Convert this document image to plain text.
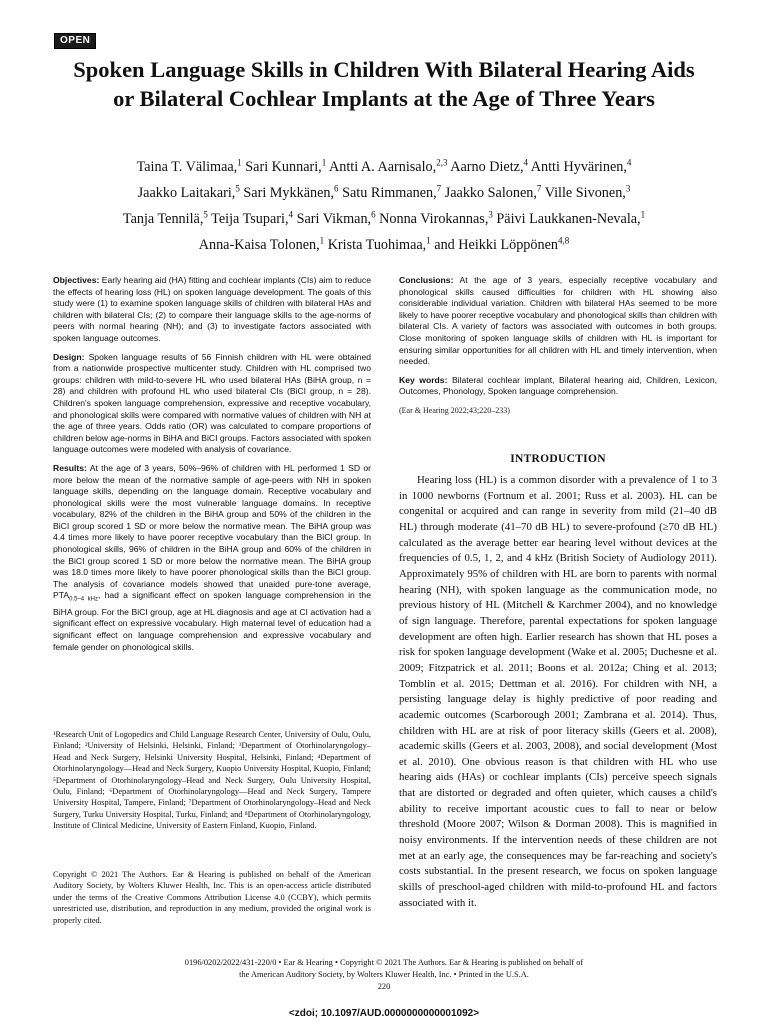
OPEN
Spoken Language Skills in Children With Bilateral Hearing Aids or Bilateral Cochlear Implants at the Age of Three Years

Taina T. Välimaa,$^1$ Sari Kunnari,$^1$ Antti A. Aarnisalo,$^{2,3}$ Aarno Dietz,$^4$ Antti Hyvärinen,$^4$
Jaakko Laitakari,$^5$ Sari Mykkänen,$^6$ Satu Rimmanen,$^7$ Jaakko Salonen,$^7$ Ville Sivonen,$^3$
Tanja Tennilä,$^5$ Teija Tsupari,$^4$ Sari Vikman,$^6$ Nonna Virokannas,$^3$ Päivi Laukkanen-Nevala,$^1$
Anna-Kaisa Tolonen,$^1$ Krista Tuohimaa,$^1$ and Heikki Löppönen$^{4,8}$

Objectives: Early hearing aid (HA) fitting and cochlear implants (CIs) aim to reduce the effects of hearing loss (HL) on spoken language development. The goals of this study were (1) to examine spoken language skills of children with bilateral HAs and children with bilateral CIs; (2) to compare their language skills to the age-norms of peers with normal hearing (NH); and (3) to investigate factors associated with spoken language outcomes.

Design: Spoken language results of 56 Finnish children with HL were obtained from a nationwide prospective multicenter study. Children with HL comprised two groups: children with mild-to-severe HL who used bilateral HAs (BiHA group, n = 28) and children with profound HL who used bilateral CIs (BiCI group, n = 28). Children's spoken language comprehension, expressive and receptive vocabulary, and phonological skills were compared with normative values of children with NH at the age of three years. Odds ratio (OR) was calculated to compare proportions of children below age-norms in BiHA and BiCI groups. Factors associated with spoken language outcomes were modeled with analysis of covariance.

Results: At the age of 3 years, 50%–96% of children with HL performed 1 SD or more below the mean of the normative sample of age-peers with NH in spoken language skills, depending on the language domain. Receptive vocabulary and phonological skills were the most vulnerable language domains. In receptive vocabulary, 82% of the children in the BiHA group and 50% of the children in the BiCI group scored 1 SD or more below the normative mean. The BiHA group was 4.4 times more likely to have poorer receptive vocabulary than the BiCI group. In phonological skills, 96% of children in the BiHA group and 60% of the children in the BiCI group scored 1 SD or more below the normative mean. The BiHA group was 18.0 times more likely to have poorer phonological skills than the BiCI group. The analysis of covariance models showed that unaided pure-tone average, $PTA_{0.5-4 kHz}$, had a significant effect on spoken language comprehension in the BiHA group. For the BiCI group, age at HL diagnosis and age at CI activation had a significant effect on expressive vocabulary. High maternal level of education had a significant effect on language comprehension and expressive vocabulary and female gender on phonological skills.

Conclusions: At the age of 3 years, especially receptive vocabulary and phonological skills caused difficulties for children with HL showing also considerable individual variation. Children with bilateral HAs seemed to be more likely to have poorer receptive vocabulary and phonological skills than children with bilateral CIs. A variety of factors was associated with outcomes in both groups. Close monitoring of spoken language skills of children with HL is important for ensuring similar opportunities for all children with HL and timely intervention, when needed.

Key words: Bilateral cochlear implant, Bilateral hearing aid, Children, Lexicon, Outcomes, Phonology, Spoken language comprehension.

(Ear & Hearing 2022;43;220–233)

¹Research Unit of Logopedics and Child Language Research Center, University of Oulu, Oulu, Finland; ²University of Helsinki, Helsinki, Finland; ³Department of Otorhinolaryngology–Head and Neck Surgery, Helsinki University Hospital, Helsinki, Finland; ⁴Department of Otorhinolaryngology—Head and Neck Surgery, Kuopio University Hospital, Kuopio, Finland; ⁵Department of Otorhinolaryngology–Head and Neck Surgery, Oulu University Hospital, Oulu, Finland; ⁶Department of Otorhinolaryngology—Head and Neck Surgery, Tampere University Hospital, Tampere, Finland; ⁷Department of Otorhinolaryngology–Head and Neck Surgery, Turku University Hospital, Turku, Finland; and ⁸Department of Otorhinolaryngology, Institute of Clinical Medicine, University of Eastern Finland, Kuopio, Finland.

Copyright © 2021 The Authors. Ear & Hearing is published on behalf of the American Auditory Society, by Wolters Kluwer Health, Inc. This is an open-access article distributed under the terms of the Creative Commons Attribution License 4.0 (CCBY), which permits unrestricted use, distribution, and reproduction in any medium, provided the original work is properly cited.

INTRODUCTION

Hearing loss (HL) is a common disorder with a prevalence of 1 to 3 in 1000 newborns (Fortnum et al. 2001; Russ et al. 2003). HL can be congenital or acquired and can range in severity from mild (21–40 dB HL) through moderate (41–70 dB HL) to severe-profound (≥70 dB HL) calculated as the average better ear hearing level without devices at the frequencies of 0.5, 1, 2, and 4 kHz (British Society of Audiology 2011). Approximately 95% of children with HL are born to parents with normal hearing (NH), with spoken language as the communication mode, no previous history of HL (Mitchell & Karchmer 2004), and no knowledge of sign language. Therefore, parental expectations for spoken language development are often high. Earlier research has shown that HL poses a risk for spoken language development (Wake et al. 2005; Duchesne et al. 2009; Fitzpatrick et al. 2011; Boons et al. 2012a; Ching et al. 2013; Tomblin et al. 2015; Dettman et al. 2016). For children with NH, a persisting language delay is highly predictive of poor reading and academic outcomes (Scarborough 2001; Zambrana et al. 2014). Thus, children with HL are at risk of poor literacy skills (Geers et al. 2008), academic skills (Geers et al. 2003, 2008), and social development (Most et al. 2010). One obvious reason is that children with HL who use hearing aids (HAs) or cochlear implants (CIs) perceive speech signals that are distorted or degraded and often quieter, which causes a child's ability to receive important acoustic cues to fall to near or below threshold (Moore 2007; Wilson & Dorman 2008). This is magnified in noisy environments. If the intervention needs of these children are not met at an early age, the consequences may be far-reaching and society's costs substantial. In the present research, we focus on spoken language skills of preschool-aged children with mild-to-profound HL and factors associated with it.

0196/0202/2022/431-220/0 • Ear & Hearing • Copyright © 2021 The Authors. Ear & Hearing is published on behalf of
the American Auditory Society, by Wolters Kluwer Health, Inc. • Printed in the U.S.A.

220

<zdoi; 10.1097/AUD.0000000000001092>
